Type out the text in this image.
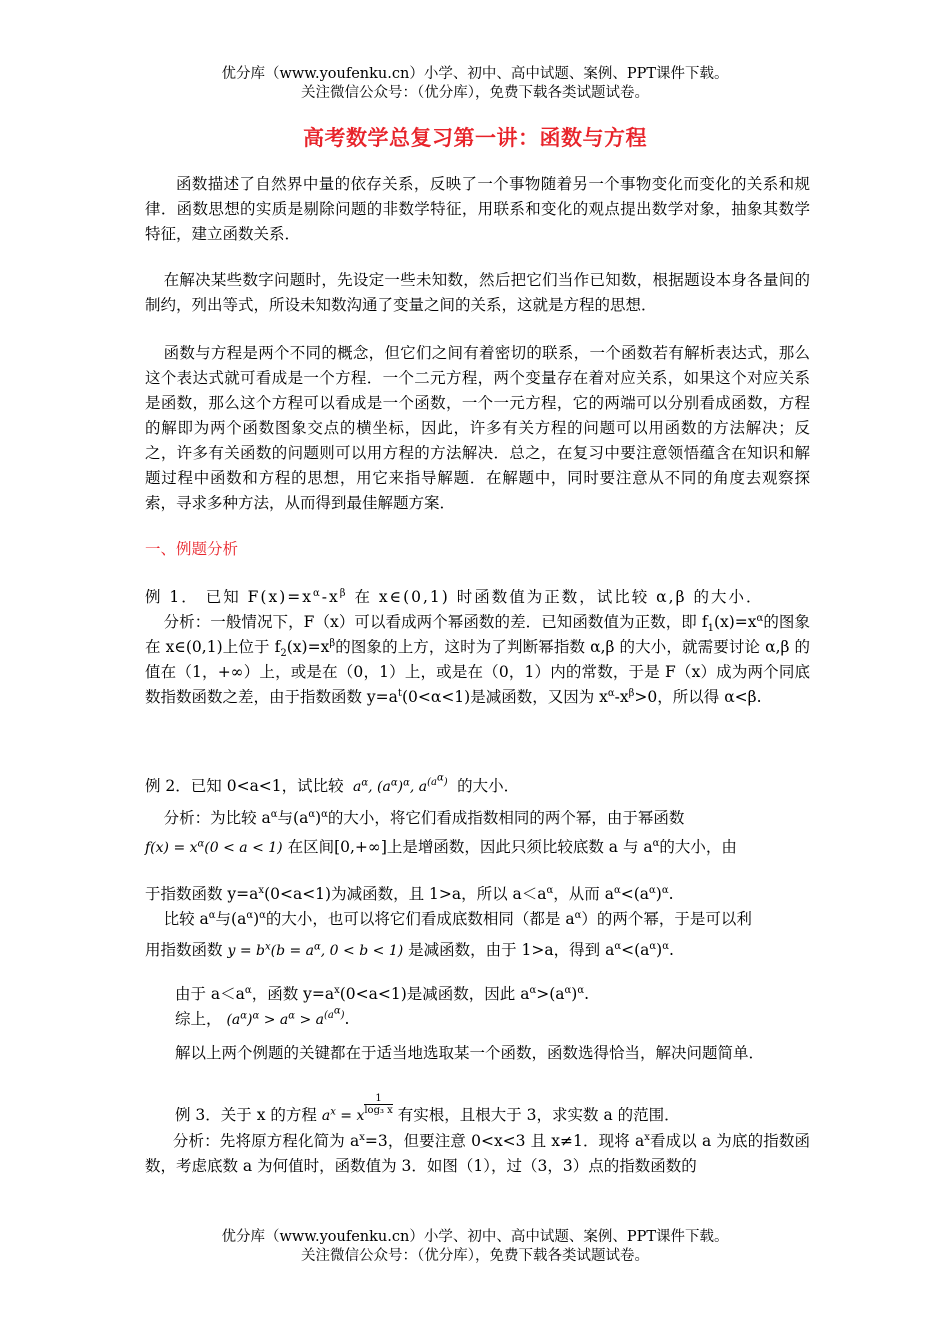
优分库（www.youfenku.cn）小学、初中、高中试题、案例、PPT课件下载。
关注微信公众号：（优分库），免费下载各类试题试卷。
高考数学总复习第一讲：函数与方程

函数描述了自然界中量的依存关系，反映了一个事物随着另一个事物变化而变化的关系和规律．函数思想的实质是剔除问题的非数学特征，用联系和变化的观点提出数学对象，抽象其数学特征，建立函数关系．

在解决某些数字问题时，先设定一些未知数，然后把它们当作已知数，根据题设本身各量间的制约，列出等式，所设未知数沟通了变量之间的关系，这就是方程的思想．

函数与方程是两个不同的概念，但它们之间有着密切的联系，一个函数若有解析表达式，那么这个表达式就可看成是一个方程．一个二元方程，两个变量存在着对应关系，如果这个对应关系是函数，那么这个方程可以看成是一个函数，一个一元方程，它的两端可以分别看成函数，方程的解即为两个函数图象交点的横坐标，因此，许多有关方程的问题可以用函数的方法解决；反之，许多有关函数的问题则可以用方程的方法解决．总之，在复习中要注意领悟蕴含在知识和解题过程中函数和方程的思想，用它来指导解题．在解题中，同时要注意从不同的角度去观察探索，寻求多种方法，从而得到最佳解题方案．

一、例题分析

例 1． 已知 $F(x)=x^\alpha-x^\beta$ 在 x∈(0,1) 时函数值为正数，试比较 α,β 的大小．

分析：一般情况下，F（x）可以看成两个幂函数的差．已知函数值为正数，即 $f_1(x)=x^\alpha$的图象在 x∈(0,1)上位于 $f_2(x)=x^\beta$的图象的上方，这时为了判断幂指数 α,β 的大小，就需要讨论 α,β 的值在（1，+∞）上，或是在（0，1）上，或是在（0，1）内的常数，于是 F（x）成为两个同底数指数函数之差，由于指数函数 $y=a^t(0<\alpha<1)$是减函数，又因为 $x^\alpha-x^\beta>0$，所以得 α<β.

例 2．已知 0<a<1，试比较  $a^\alpha$, $(a^\alpha)^\alpha$, $a^{(a^\alpha)}$ 的大小．

分析：为比较 $a^\alpha$与$(a^\alpha)^\alpha$的大小，将它们看成指数相同的两个幂，由于幂函数

$f(x) = x^\alpha(0 < a < 1)$ 在区间[0,+∞]上是增函数，因此只须比较底数 a 与 $a^\alpha$的大小，由

于指数函数 $y=a^x(0<a<1)$为减函数，且 1>a，所以 $a<a^\alpha$，从而 $a^\alpha<(a^\alpha)^\alpha$.

比较 $a^\alpha$与$(a^\alpha)^\alpha$的大小，也可以将它们看成底数相同（都是 $a^\alpha$）的两个幂，于是可以利

用指数函数 $y = b^x(b = a^\alpha$, 0 < b < 1) 是减函数，由于 1>a，得到 $a^\alpha<(a^\alpha)^\alpha$.

由于 $a<a^\alpha$，函数 $y=a^x(0<a<1)$是减函数，因此 $a^\alpha>(a^\alpha)^\alpha$.

综上， $(a^\alpha)^\alpha > a^\alpha > a^{(a^\alpha)}$.

解以上两个例题的关键都在于适当地选取某一个函数，函数选得恰当，解决问题简单．

例 3．关于 x 的方程 $a^x = x$
$\frac{1}{\text{log₃ x}}$ 有实根，且根大于 3，求实数 a 的范围．

分析：先将原方程化简为 $a^x=3$，但要注意 0<x<3 且 x≠1．现将 $a^x$看成以 a 为底的指数函数，考虑底数 a 为何值时，函数值为 3．如图（1），过（3，3）点的指数函数的

优分库（www.youfenku.cn）小学、初中、高中试题、案例、PPT课件下载。
关注微信公众号：（优分库），免费下载各类试题试卷。
